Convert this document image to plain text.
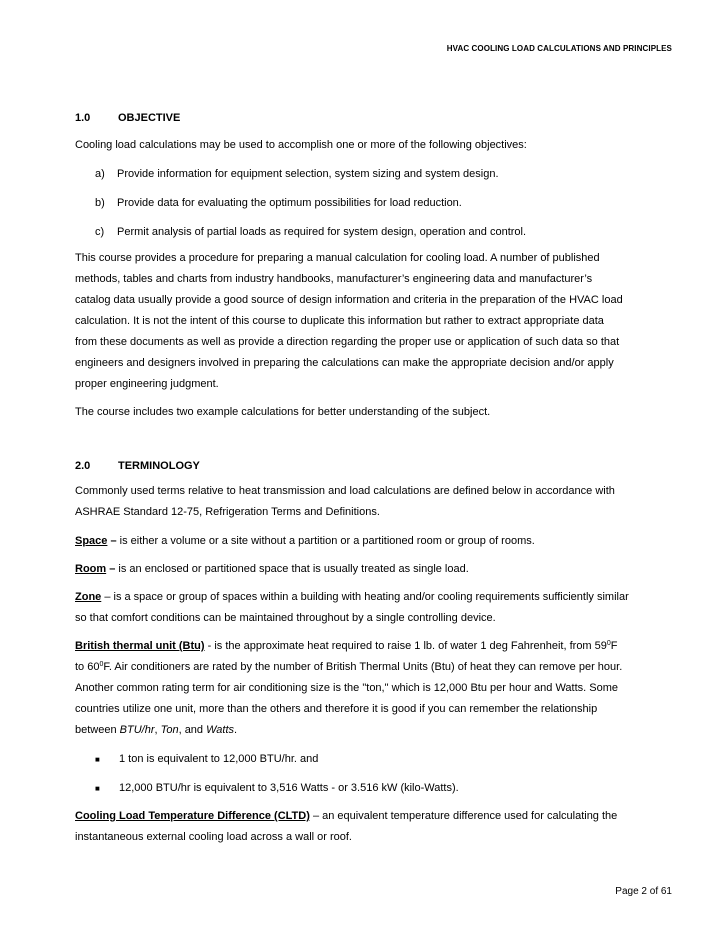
HVAC COOLING LOAD CALCULATIONS AND PRINCIPLES
1.0	OBJECTIVE

Cooling load calculations may be used to accomplish one or more of the following objectives:

a)	Provide information for equipment selection, system sizing and system design.
b)	Provide data for evaluating the optimum possibilities for load reduction.
c)	Permit analysis of partial loads as required for system design, operation and control.
This course provides a procedure for preparing a manual calculation for cooling load. A number of published
methods, tables and charts from industry handbooks, manufacturer’s engineering data and manufacturer’s
catalog data usually provide a good source of design information and criteria in the preparation of the HVAC load
calculation. It is not the intent of this course to duplicate this information but rather to extract appropriate data
from these documents as well as provide a direction regarding the proper use or application of such data so that
engineers and designers involved in preparing the calculations can make the appropriate decision and/or apply
proper engineering judgment.

The course includes two example calculations for better understanding of the subject.

2.0	TERMINOLOGY
Commonly used terms relative to heat transmission and load calculations are defined below in accordance with
ASHRAE Standard 12-75, Refrigeration Terms and Definitions.
Space – is either a volume or a site without a partition or a partitioned room or group of rooms.
Room – is an enclosed or partitioned space that is usually treated as single load.
Zone – is a space or group of spaces within a building with heating and/or cooling requirements sufficiently similar
so that comfort conditions can be maintained throughout by a single controlling device.
British thermal unit (Btu) - is the approximate heat required to raise 1 lb. of water 1 deg Fahrenheit, from $59^0F$
to $60^0F$. Air conditioners are rated by the number of British Thermal Units (Btu) of heat they can remove per hour.
Another common rating term for air conditioning size is the "ton," which is 12,000 Btu per hour and Watts. Some
countries utilize one unit, more than the others and therefore it is good if you can remember the relationship
between BTU/hr, Ton, and Watts.
■	1 ton is equivalent to 12,000 BTU/hr. and
■	12,000 BTU/hr is equivalent to 3,516 Watts - or 3.516 kW (kilo-Watts).
Cooling Load Temperature Difference (CLTD) – an equivalent temperature difference used for calculating the
instantaneous external cooling load across a wall or roof.
Page 2 of 61
